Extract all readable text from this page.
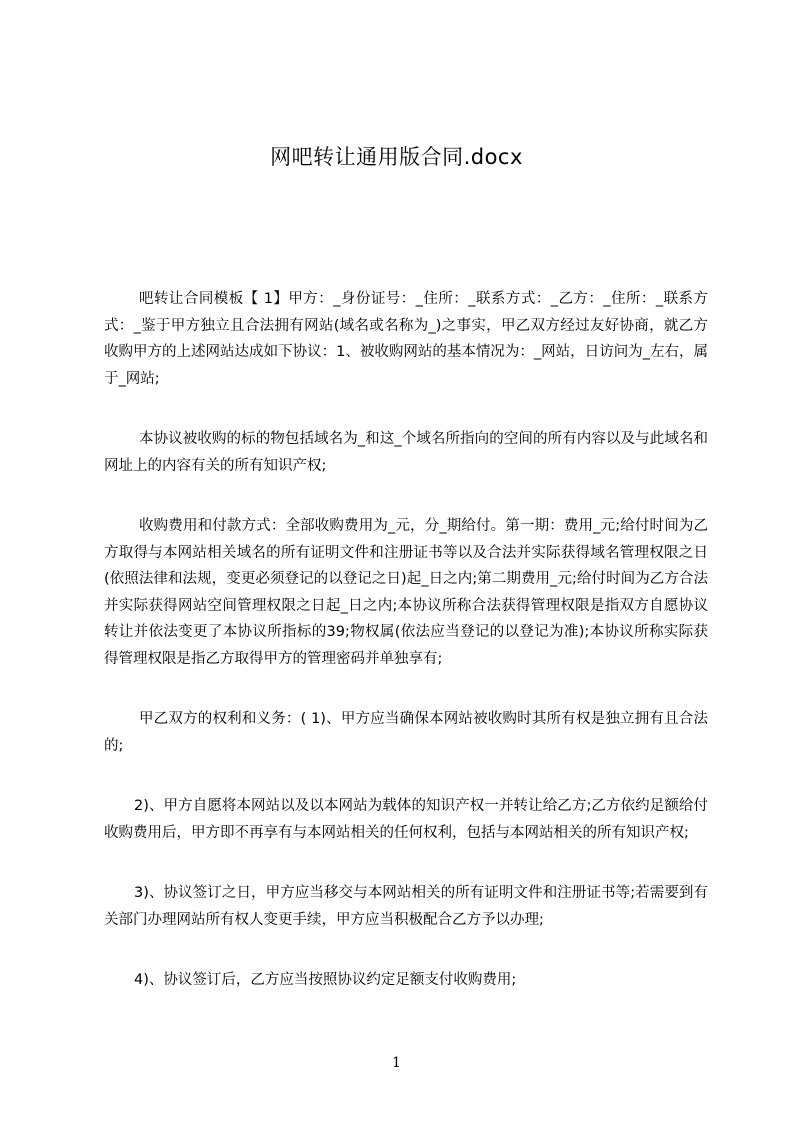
网吧转让通用版合同.docx

吧转让合同模板【 1】甲方：_身份证号：_住所：_联系方式：_乙方：_住所：_联系方式：_鉴于甲方独立且合法拥有网站(域名或名称为_)之事实，甲乙双方经过友好协商，就乙方收购甲方的上述网站达成如下协议：1、被收购网站的基本情况为：_网站，日访问为_左右，属于_网站;

本协议被收购的标的物包括域名为_和这_个域名所指向的空间的所有内容以及与此域名和网址上的内容有关的所有知识产权;

收购费用和付款方式：全部收购费用为_元，分_期给付。第一期：费用_元;给付时间为乙方取得与本网站相关域名的所有证明文件和注册证书等以及合法并实际获得域名管理权限之日(依照法律和法规，变更必须登记的以登记之日)起_日之内;第二期费用_元;给付时间为乙方合法并实际获得网站空间管理权限之日起_日之内;本协议所称合法获得管理权限是指双方自愿协议转让并依法变更了本协议所指标的39;物权属(依法应当登记的以登记为准);本协议所称实际获得管理权限是指乙方取得甲方的管理密码并单独享有;

甲乙双方的权利和义务：( 1)、甲方应当确保本网站被收购时其所有权是独立拥有且合法的;

2)、甲方自愿将本网站以及以本网站为载体的知识产权一并转让给乙方;乙方依约足额给付收购费用后，甲方即不再享有与本网站相关的任何权利，包括与本网站相关的所有知识产权;

3)、协议签订之日，甲方应当移交与本网站相关的所有证明文件和注册证书等;若需要到有关部门办理网站所有权人变更手续，甲方应当积极配合乙方予以办理;

4)、协议签订后，乙方应当按照协议约定足额支付收购费用;

1
